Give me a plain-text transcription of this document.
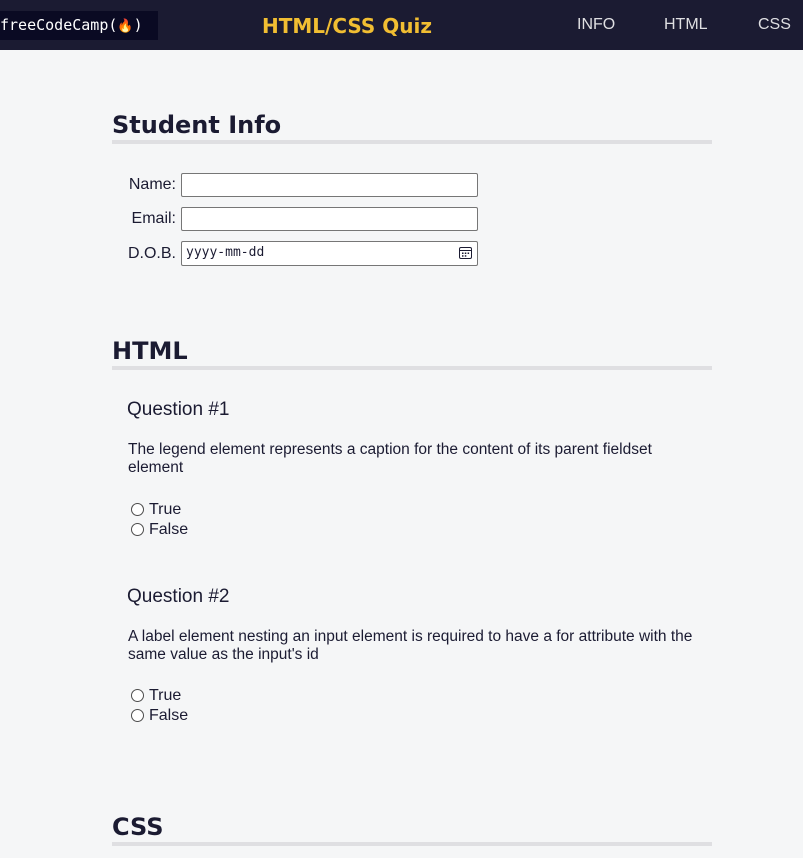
freeCodeCamp(🔥)	HTML/CSS Quiz	INFO	HTML	CSS
Student Info
Name:
Email:
D.O.B. yyyy-mm-dd
HTML
Question #1
The legend element represents a caption for the content of its parent fieldset element
True
False
Question #2
A label element nesting an input element is required to have a for attribute with the same value as the input's id
True
False
CSS
